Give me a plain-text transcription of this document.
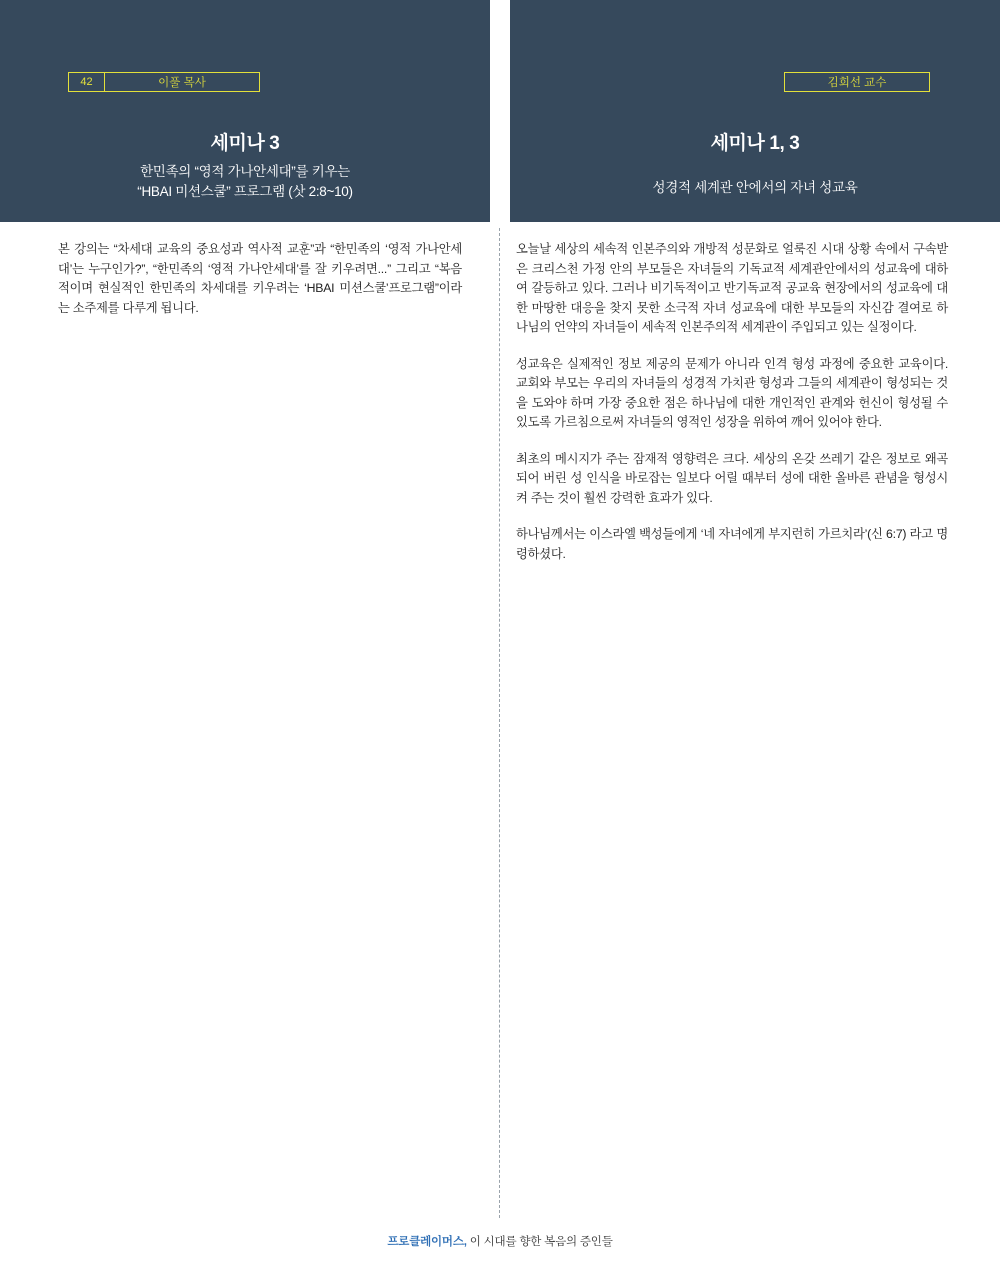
세미나 3
한민족의 “영적 가나안세대”를 키우는
“HBAI 미션스쿨” 프로그램 (삿 2:8~10)
세미나 1, 3
성경적 세계관 안에서의 자녀 성교육
42	이풀 목사	김희선 교수

본 강의는 “차세대 교육의 중요성과 역사적 교훈”과 “한민족의 ‘영적 가나안세대’는 누구인가?”, “한민족의 ‘영적 가나안세대’를 잘 키우려면...” 그리고 “복음적이며 현실적인 한민족의 차세대를 키우려는 ‘HBAI 미션스쿨’프로그램”이라는 소주제를 다루게 됩니다.

오늘날 세상의 세속적 인본주의와 개방적 성문화로 얼룩진 시대 상황 속에서 구속받은 크리스천 가정 안의 부모들은 자녀들의 기독교적 세계관안에서의 성교육에 대하여 갈등하고 있다. 그러나 비기독적이고 반기독교적 공교육 현장에서의 성교육에 대한 마땅한 대응을 찾지 못한 소극적 자녀 성교육에 대한 부모들의 자신감 결여로 하나님의 언약의 자녀들이 세속적 인본주의적 세계관이 주입되고 있는 실정이다.

성교육은 실제적인 정보 제공의 문제가 아니라 인격 형성 과정에 중요한 교육이다. 교회와 부모는 우리의 자녀들의 성경적 가치관 형성과 그들의 세계관이 형성되는 것을 도와야 하며 가장 중요한 점은 하나님에 대한 개인적인 관계와 헌신이 형성될 수 있도록 가르침으로써 자녀들의 영적인 성장을 위하여 깨어 있어야 한다.

최초의 메시지가 주는 잠재적 영향력은 크다. 세상의 온갖 쓰레기 같은 정보로 왜곡되어 버린 성 인식을 바로잡는 일보다 어릴 때부터 성에 대한 올바른 관념을 형성시켜 주는 것이 훨씬 강력한 효과가 있다.

하나님께서는 이스라엘 백성들에게 ‘네 자녀에게 부지런히 가르치라’(신 6:7) 라고 명령하셨다.

프로클레이머스, 이 시대를 향한 복음의 증인들
